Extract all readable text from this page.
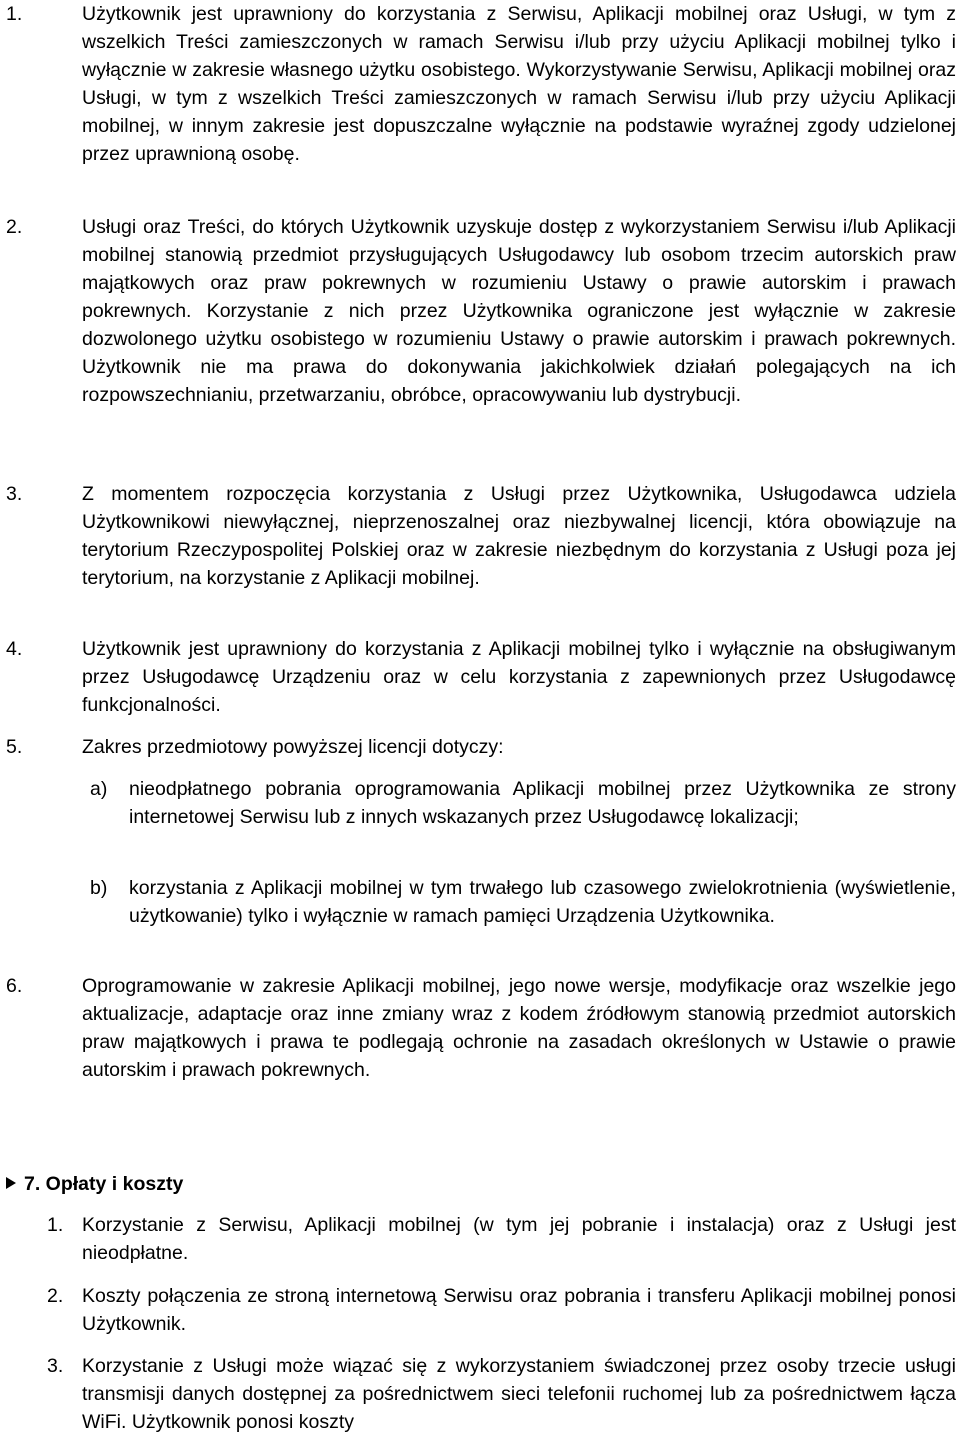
1.	Użytkownik jest uprawniony do korzystania z Serwisu, Aplikacji mobilnej oraz Usługi, w tym z wszelkich Treści zamieszczonych w ramach Serwisu i/lub przy użyciu Aplikacji mobilnej tylko i wyłącznie w zakresie własnego użytku osobistego. Wykorzystywanie Serwisu, Aplikacji mobilnej oraz Usługi, w tym z wszelkich Treści zamieszczonych w ramach Serwisu i/lub przy użyciu Aplikacji mobilnej, w innym zakresie jest dopuszczalne wyłącznie na podstawie wyraźnej zgody udzielonej przez uprawnioną osobę.
2.	Usługi oraz Treści, do których Użytkownik uzyskuje dostęp z wykorzystaniem Serwisu i/lub Aplikacji mobilnej stanowią przedmiot przysługujących Usługodawcy lub osobom trzecim autorskich praw majątkowych oraz praw pokrewnych w rozumieniu Ustawy o prawie autorskim i prawach pokrewnych. Korzystanie z nich przez Użytkownika ograniczone jest wyłącznie w zakresie dozwolonego użytku osobistego w rozumieniu Ustawy o prawie autorskim i prawach pokrewnych. Użytkownik nie ma prawa do dokonywania jakichkolwiek działań polegających na ich rozpowszechnianiu, przetwarzaniu, obróbce, opracowywaniu lub dystrybucji.
3.	Z momentem rozpoczęcia korzystania z Usługi przez Użytkownika, Usługodawca udziela Użytkownikowi niewyłącznej, nieprzenoszalnej oraz niezbywalnej licencji, która obowiązuje na terytorium Rzeczypospolitej Polskiej oraz w zakresie niezbędnym do korzystania z Usługi poza jej terytorium, na korzystanie z Aplikacji mobilnej.
4.	Użytkownik jest uprawniony do korzystania z Aplikacji mobilnej tylko i wyłącznie na obsługiwanym przez Usługodawcę Urządzeniu oraz w celu korzystania z zapewnionych przez Usługodawcę funkcjonalności.
5.	Zakres przedmiotowy powyższej licencji dotyczy:
a) nieodpłatnego pobrania oprogramowania Aplikacji mobilnej przez Użytkownika ze strony internetowej Serwisu lub z innych wskazanych przez Usługodawcę lokalizacji;
b) korzystania z Aplikacji mobilnej w tym trwałego lub czasowego zwielokrotnienia (wyświetlenie, użytkowanie) tylko i wyłącznie w ramach pamięci Urządzenia Użytkownika.
6.	Oprogramowanie w zakresie Aplikacji mobilnej, jego nowe wersje, modyfikacje oraz wszelkie jego aktualizacje, adaptacje oraz inne zmiany wraz z kodem źródłowym stanowią przedmiot autorskich praw majątkowych i prawa te podlegają ochronie na zasadach określonych w Ustawie o prawie autorskim i prawach pokrewnych.
7. Opłaty i koszty
1. Korzystanie z Serwisu, Aplikacji mobilnej (w tym jej pobranie i instalacja) oraz z Usługi jest nieodpłatne.
2. Koszty połączenia ze stroną internetową Serwisu oraz pobrania i transferu Aplikacji mobilnej ponosi Użytkownik.
3. Korzystanie z Usługi może wiązać się z wykorzystaniem świadczonej przez osoby trzecie usługi transmisji danych dostępnej za pośrednictwem sieci telefonii ruchomej lub za pośrednictwem łącza WiFi. Użytkownik ponosi koszty
